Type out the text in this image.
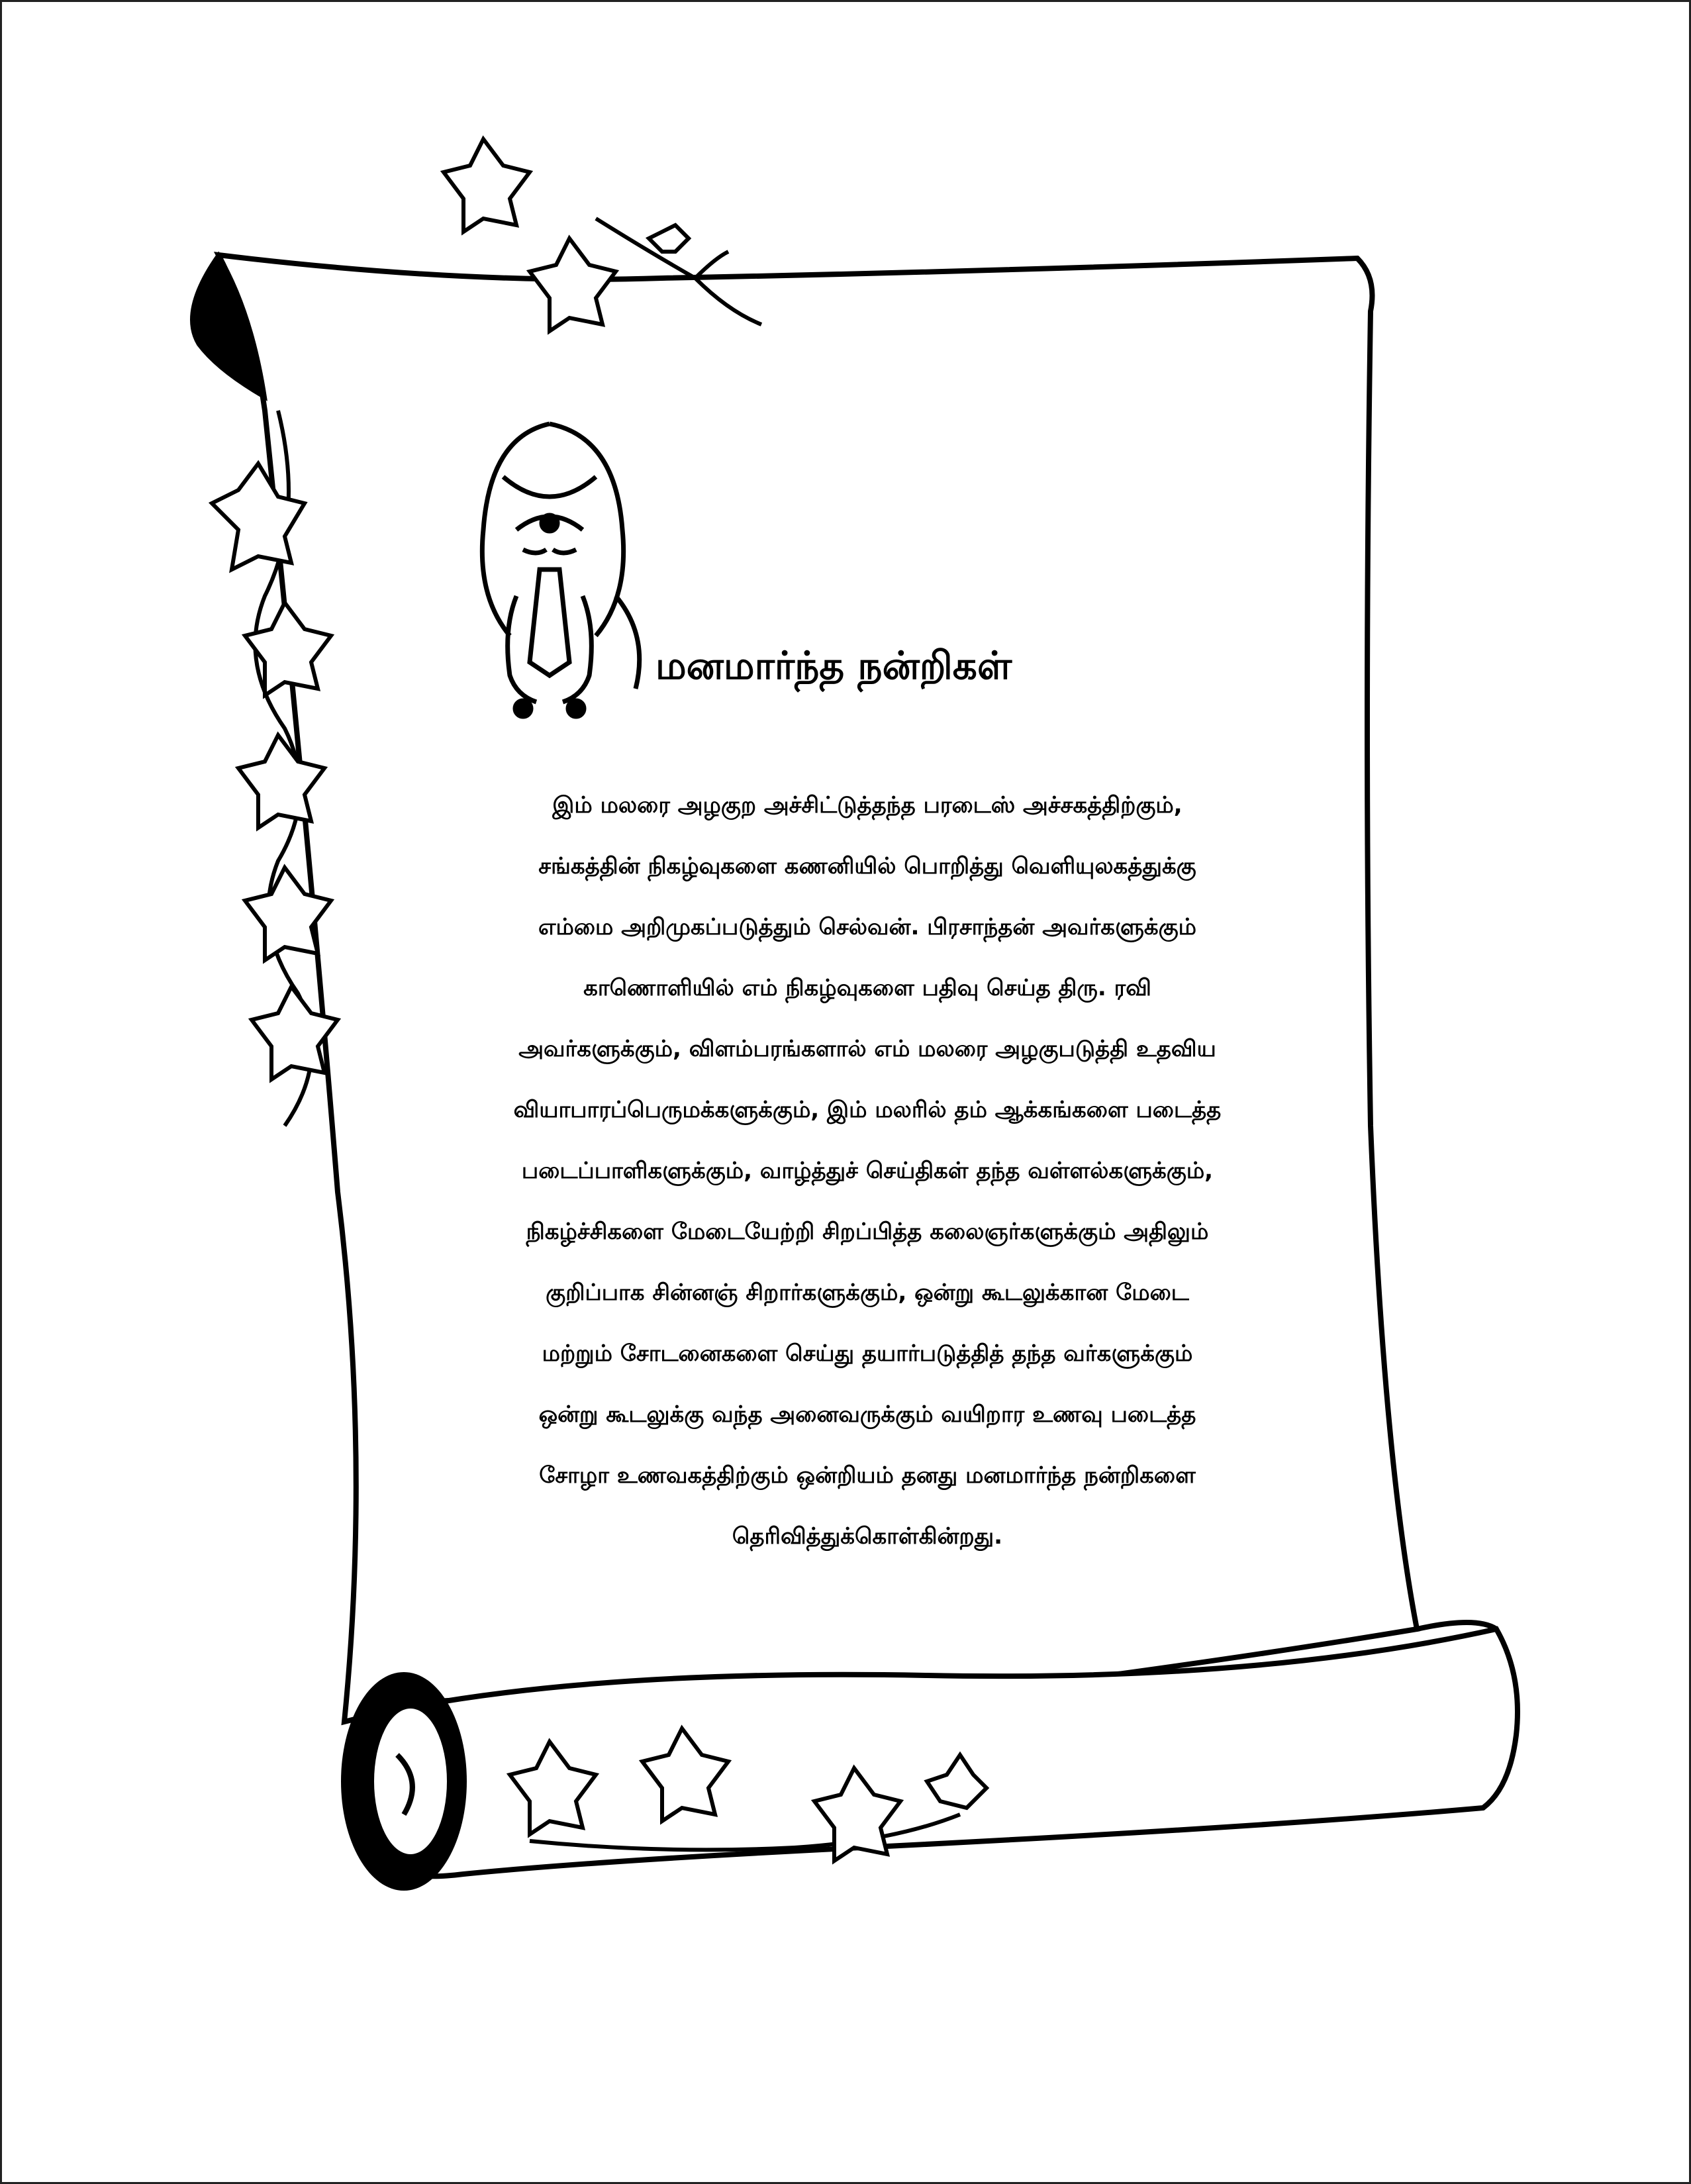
மனமார்ந்த நன்றிகள்
இம் மலரை அழகுற அச்சிட்டுத்தந்த பரடைஸ் அச்சகத்திற்கும்,
சங்கத்தின் நிகழ்வுகளை கணனியில் பொறித்து வெளியுலகத்துக்கு
எம்மை அறிமுகப்படுத்தும் செல்வன். பிரசாந்தன் அவர்களுக்கும்
காணொளியில் எம் நிகழ்வுகளை பதிவு செய்த திரு. ரவி
அவர்களுக்கும், விளம்பரங்களால் எம் மலரை அழகுபடுத்தி உதவிய
வியாபாரப்பெருமக்களுக்கும், இம் மலரில் தம் ஆக்கங்களை படைத்த
படைப்பாளிகளுக்கும், வாழ்த்துச் செய்திகள் தந்த வள்ளல்களுக்கும்,
நிகழ்ச்சிகளை மேடையேற்றி சிறப்பித்த கலைஞர்களுக்கும் அதிலும்
குறிப்பாக சின்னஞ் சிறார்களுக்கும், ஒன்று கூடலுக்கான மேடை
மற்றும் சோடனைகளை செய்து தயார்படுத்தித் தந்த வர்களுக்கும்
ஒன்று கூடலுக்கு வந்த அனைவருக்கும் வயிறார உணவு படைத்த
சோழா உணவகத்திற்கும் ஒன்றியம் தனது மனமார்ந்த நன்றிகளை
தெரிவித்துக்கொள்கின்றது.
